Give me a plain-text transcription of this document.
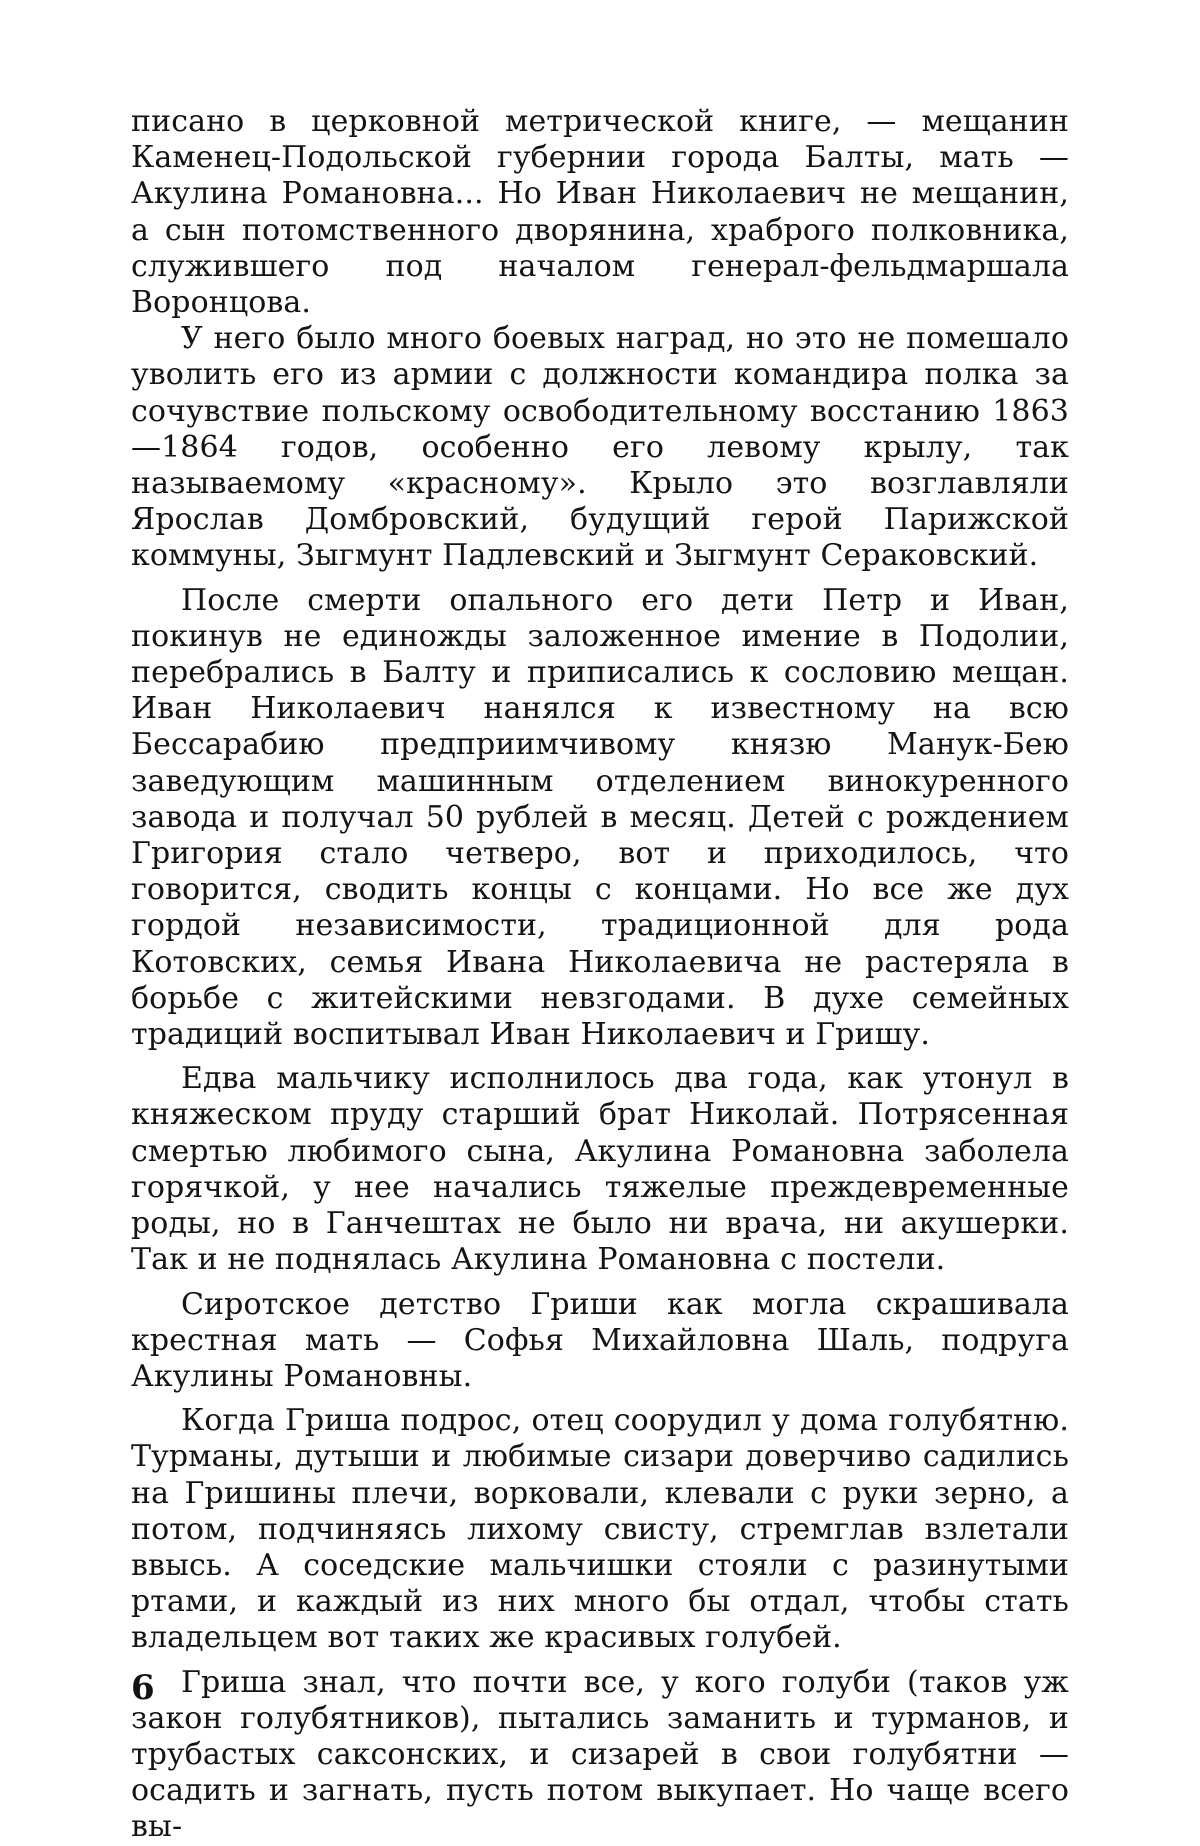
писано в церковной метрической книге, — мещанин Каменец-Подольской губернии города Балты, мать — Акулина Романовна... Но Иван Николаевич не мещанин, а сын потомственного дворянина, храброго полковника, служившего под началом генерал-фельдмаршала Воронцова.

У него было много боевых наград, но это не помешало уволить его из армии с должности командира полка за сочувствие польскому освободительному восстанию 1863—1864 годов, особенно его левому крылу, так называемому «красному». Крыло это возглавляли Ярослав Домбровский, будущий герой Парижской коммуны, Зыгмунт Падлевский и Зыгмунт Сераковский.

После смерти опального его дети Петр и Иван, покинув не единожды заложенное имение в Подолии, перебрались в Балту и приписались к сословию мещан. Иван Николаевич нанялся к известному на всю Бессарабию предприимчивому князю Манук-Бею заведующим машинным отделением винокуренного завода и получал 50 рублей в месяц. Детей с рождением Григория стало четверо, вот и приходилось, что говорится, сводить концы с концами. Но все же дух гордой независимости, традиционной для рода Котовских, семья Ивана Николаевича не растеряла в борьбе с житейскими невзгодами. В духе семейных традиций воспитывал Иван Николаевич и Гришу.

Едва мальчику исполнилось два года, как утонул в княжеском пруду старший брат Николай. Потрясенная смертью любимого сына, Акулина Романовна заболела горячкой, у нее начались тяжелые преждевременные роды, но в Ганчештах не было ни врача, ни акушерки. Так и не поднялась Акулина Романовна с постели.

Сиротское детство Гриши как могла скрашивала крестная мать — Софья Михайловна Шаль, подруга Акулины Романовны.

Когда Гриша подрос, отец соорудил у дома голубятню. Турманы, дутыши и любимые сизари доверчиво садились на Гришины плечи, ворковали, клевали с руки зерно, а потом, подчиняясь лихому свисту, стремглав взлетали ввысь. А соседские мальчишки стояли с разинутыми ртами, и каждый из них много бы отдал, чтобы стать владельцем вот таких же красивых голубей.

Гриша знал, что почти все, у кого голуби (таков уж закон голубятников), пытались заманить и турманов, и трубастых саксонских, и сизарей в свои голубятни — осадить и загнать, пусть потом выкупает. Но чаще всего вы-

6
